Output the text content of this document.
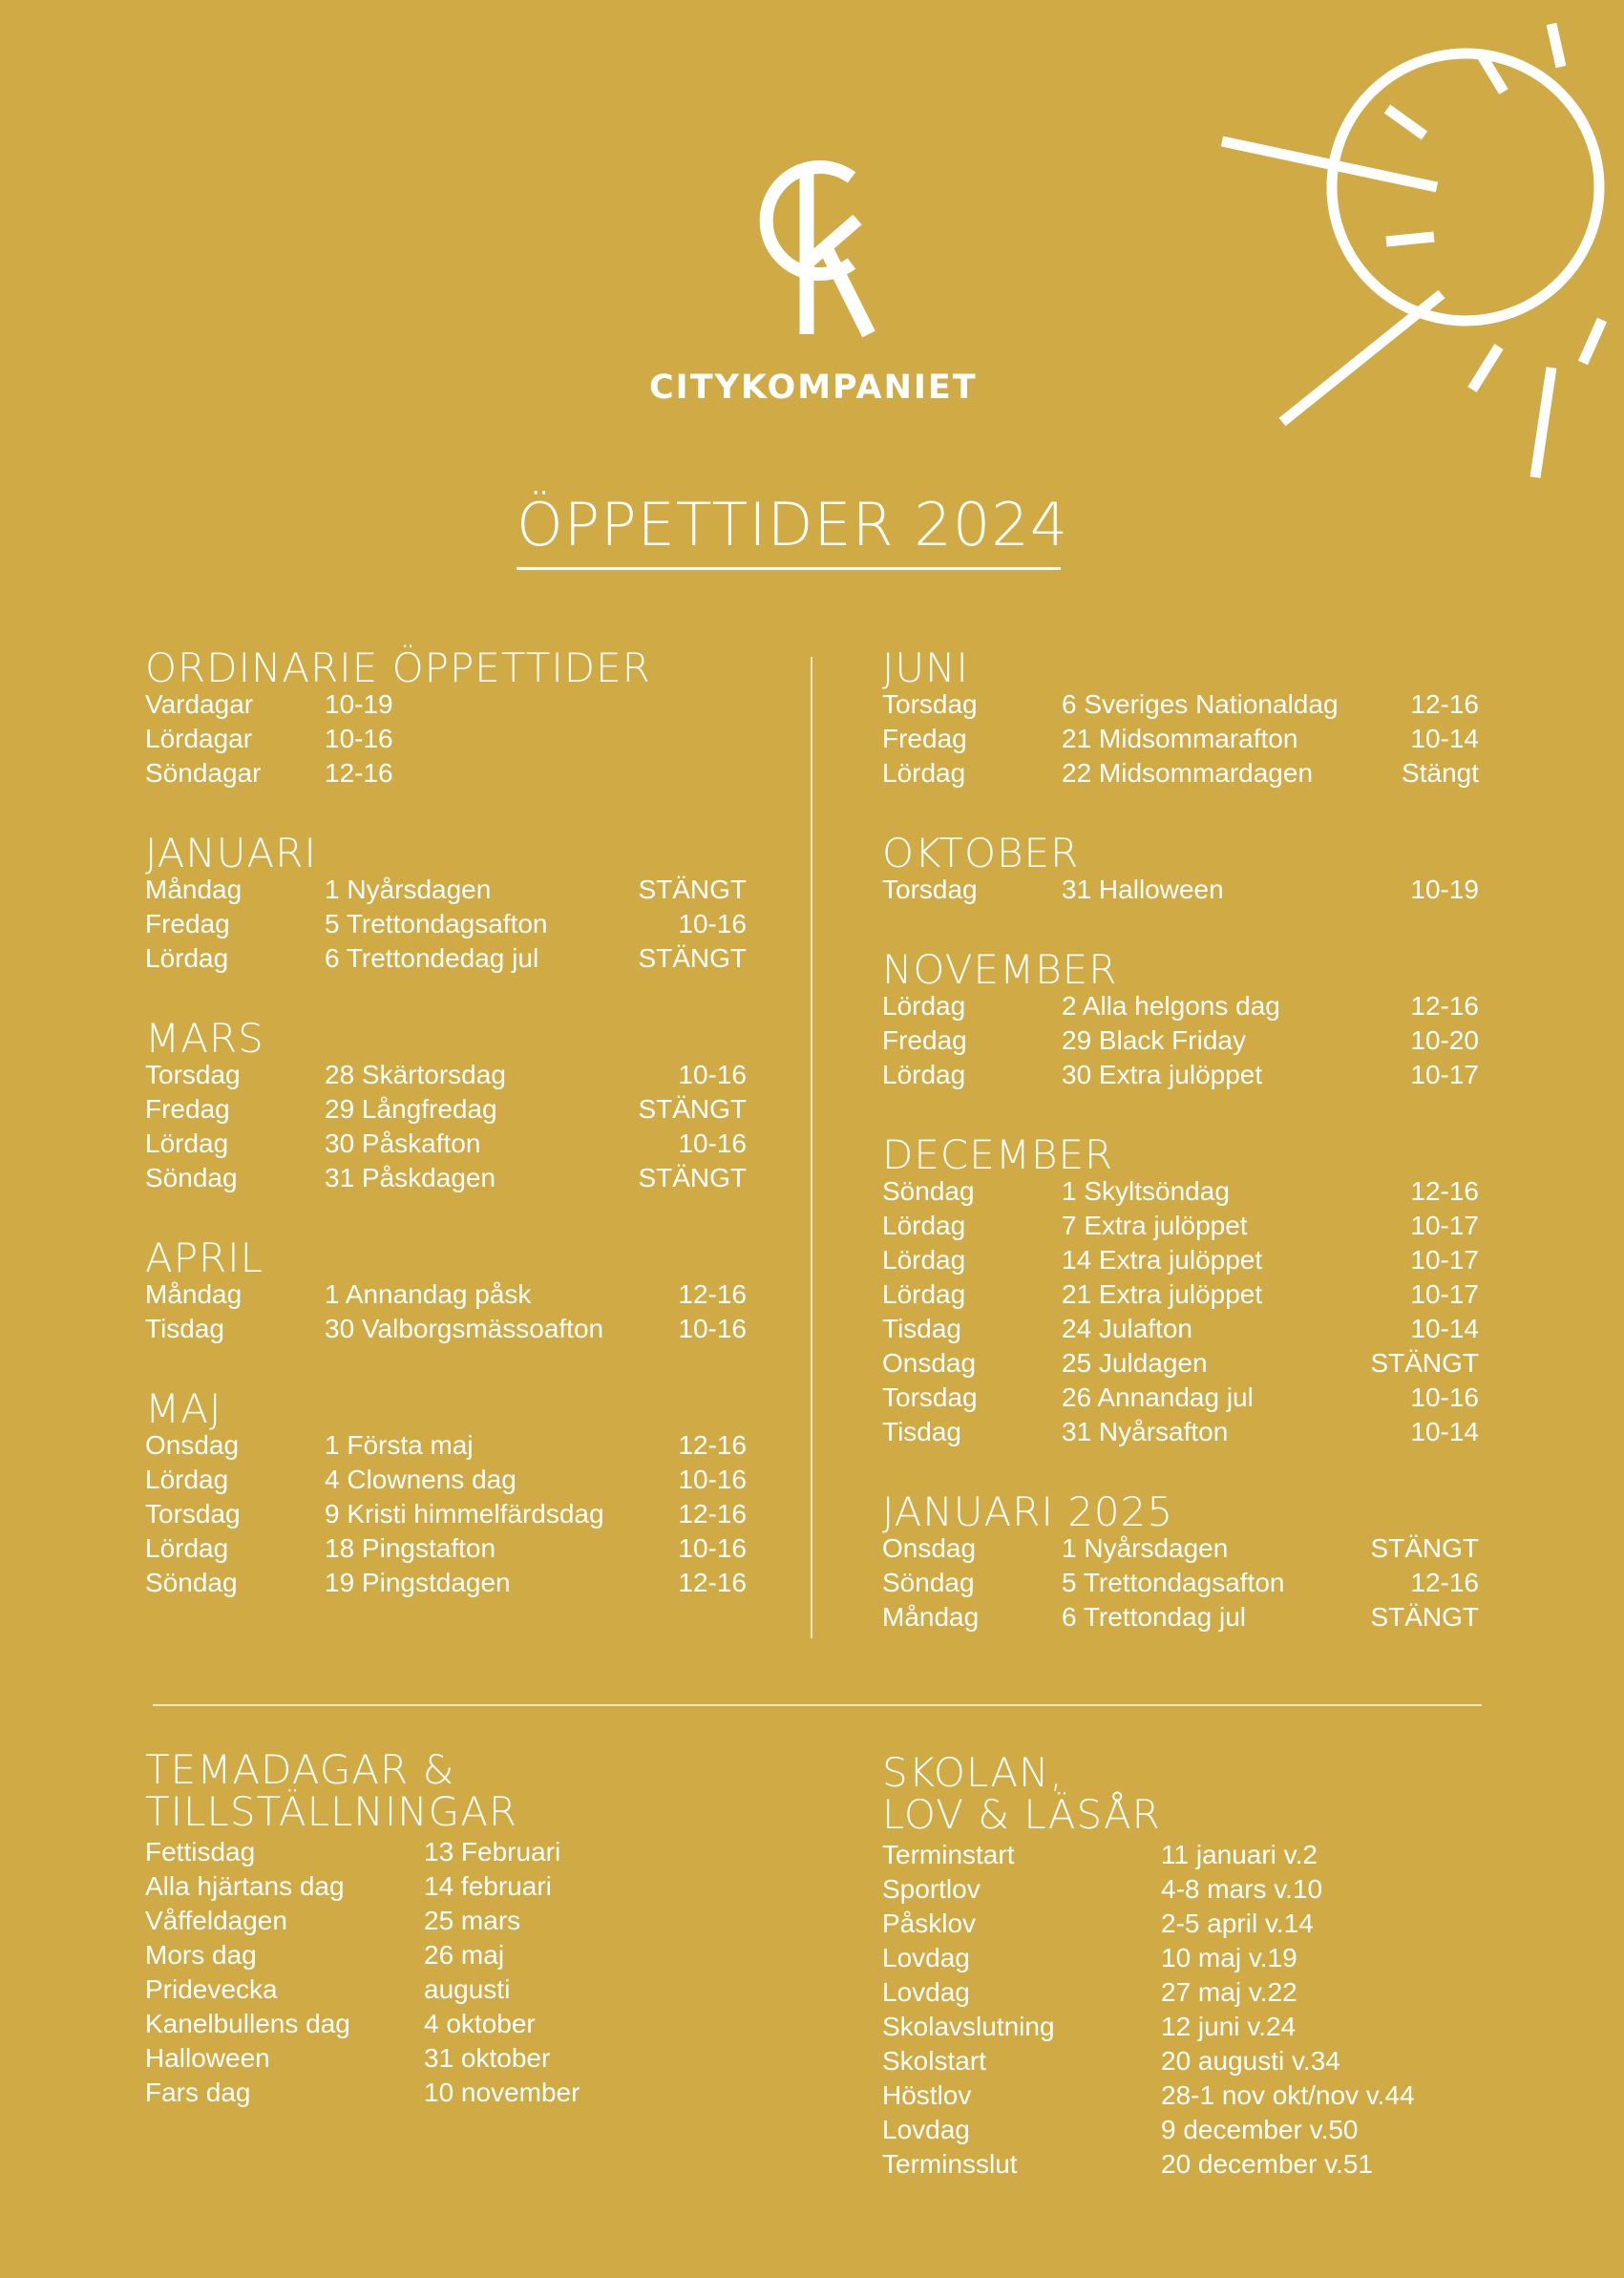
CITYKOMPANIET
ÖPPETTIDER 2024
ORDINARIE ÖPPETTIDER
Vardagar	10-19
Lördagar	10-16
Söndagar	12-16
JANUARI
Måndag	1 Nyårsdagen	STÄNGT
Fredag	5 Trettondagsafton	10-16
Lördag	6 Trettondedag jul	STÄNGT
MARS
Torsdag	28 Skärtorsdag	10-16
Fredag	29 Långfredag	STÄNGT
Lördag	30 Påskafton	10-16
Söndag	31 Påskdagen	STÄNGT
APRIL
Måndag	1 Annandag påsk	12-16
Tisdag	30 Valborgsmässoafton	10-16
MAJ
Onsdag	1 Första maj	12-16
Lördag	4 Clownens dag	10-16
Torsdag	9 Kristi himmelfärdsdag	12-16
Lördag	18 Pingstafton	10-16
Söndag	19 Pingstdagen	12-16
JUNI
Torsdag	6 Sveriges Nationaldag	12-16
Fredag	21 Midsommarafton	10-14
Lördag	22 Midsommardagen	Stängt
OKTOBER
Torsdag	31 Halloween	10-19
NOVEMBER
Lördag	2 Alla helgons dag	12-16
Fredag	29 Black Friday	10-20
Lördag	30 Extra julöppet	10-17
DECEMBER
Söndag	1 Skyltsöndag	12-16
Lördag	7 Extra julöppet	10-17
Lördag	14 Extra julöppet	10-17
Lördag	21 Extra julöppet	10-17
Tisdag	24 Julafton	10-14
Onsdag	25 Juldagen	STÄNGT
Torsdag	26 Annandag jul	10-16
Tisdag	31 Nyårsafton	10-14
JANUARI 2025
Onsdag	1 Nyårsdagen	STÄNGT
Söndag	5 Trettondagsafton	12-16
Måndag	6 Trettondag jul	STÄNGT
TEMADAGAR &
TILLSTÄLLNINGAR
Fettisdag	13 Februari
Alla hjärtans dag	14 februari
Våffeldagen	25 mars
Mors dag	26 maj
Pridevecka	augusti
Kanelbullens dag	4 oktober
Halloween	31 oktober
Fars dag	10 november
SKOLAN,
LOV & LÄSÅR
Terminstart	11 januari v.2
Sportlov	4-8 mars v.10
Påsklov	2-5 april v.14
Lovdag	10 maj v.19
Lovdag	27 maj v.22
Skolavslutning	12 juni v.24
Skolstart	20 augusti v.34
Höstlov	28-1 nov okt/nov v.44
Lovdag	9 december v.50
Terminsslut	20 december v.51
